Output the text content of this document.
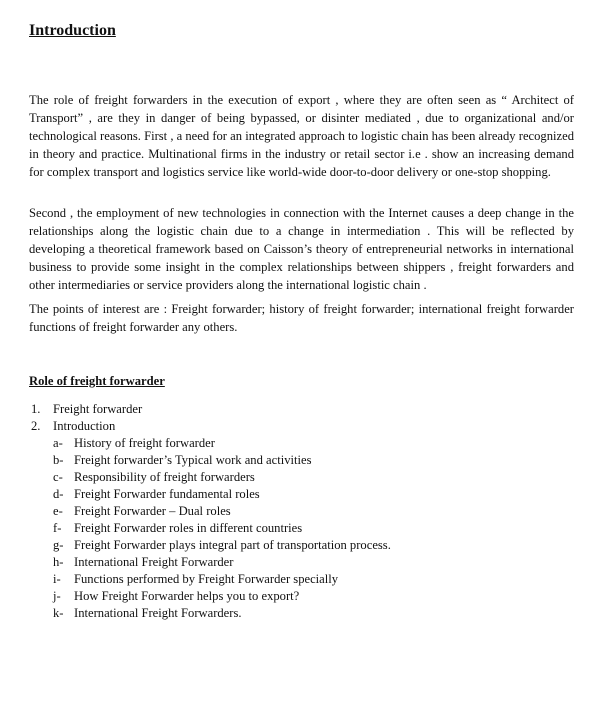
Introduction

The role of freight forwarders in the execution of export , where they are often seen as “ Architect of Transport” , are they in danger of being bypassed, or disinter mediated , due to organizational and/or technological reasons. First , a need for an integrated approach to logistic chain has been already recognized in theory and practice. Multinational firms in the industry or retail sector i.e . show an increasing demand for complex transport and logistics service like world-wide door-to-door delivery or one-stop shopping.

Second , the employment of new technologies in connection with the Internet causes a deep change in the relationships along the logistic chain due to a change in intermediation . This will be reflected by developing a theoretical framework based on Caisson’s theory of entrepreneurial networks in international business to provide some insight in the complex relationships between shippers , freight forwarders and other intermediaries or service providers along the international logistic chain .

The points of interest are : Freight forwarder; history of freight forwarder; international freight forwarder functions of freight forwarder any others.

Role of freight forwarder
1. Freight forwarder
2. Introduction
a- History of freight forwarder
b- Freight forwarder’s Typical work and activities
c- Responsibility of freight forwarders
d- Freight Forwarder fundamental roles
e- Freight Forwarder – Dual roles
f- Freight Forwarder roles in different countries
g- Freight Forwarder plays integral part of transportation process.
h- International Freight Forwarder
i- Functions performed by Freight Forwarder specially
j- How Freight Forwarder helps you to export?
k- International Freight Forwarders.
